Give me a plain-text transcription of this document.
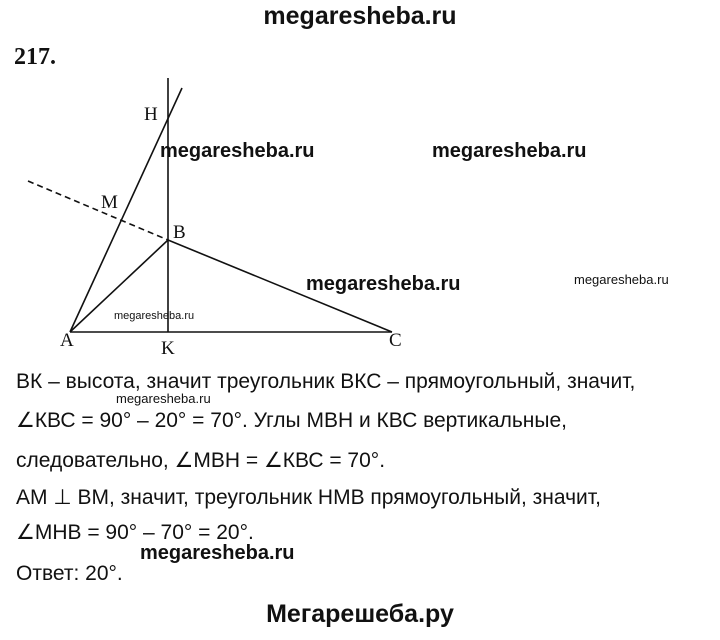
megaresheba.ru
217.
H
M
B
A	K	C
megaresheba.ru	megaresheba.ru
megaresheba.ru	megaresheba.ru
megaresheba.ru
megaresheba.ru
megaresheba.ru
ВК – высота, значит треугольник ВКС – прямоугольный, значит,
∠КВС = 90° – 20° = 70°. Углы МВН и КВС вертикальные,
следовательно, ∠МВН = ∠КВС = 70°.
АМ ⊥ ВМ, значит, треугольник НМВ прямоугольный, значит,
∠МНВ = 90° – 70° = 20°.
Ответ: 20°.
Мегарешеба.ру
